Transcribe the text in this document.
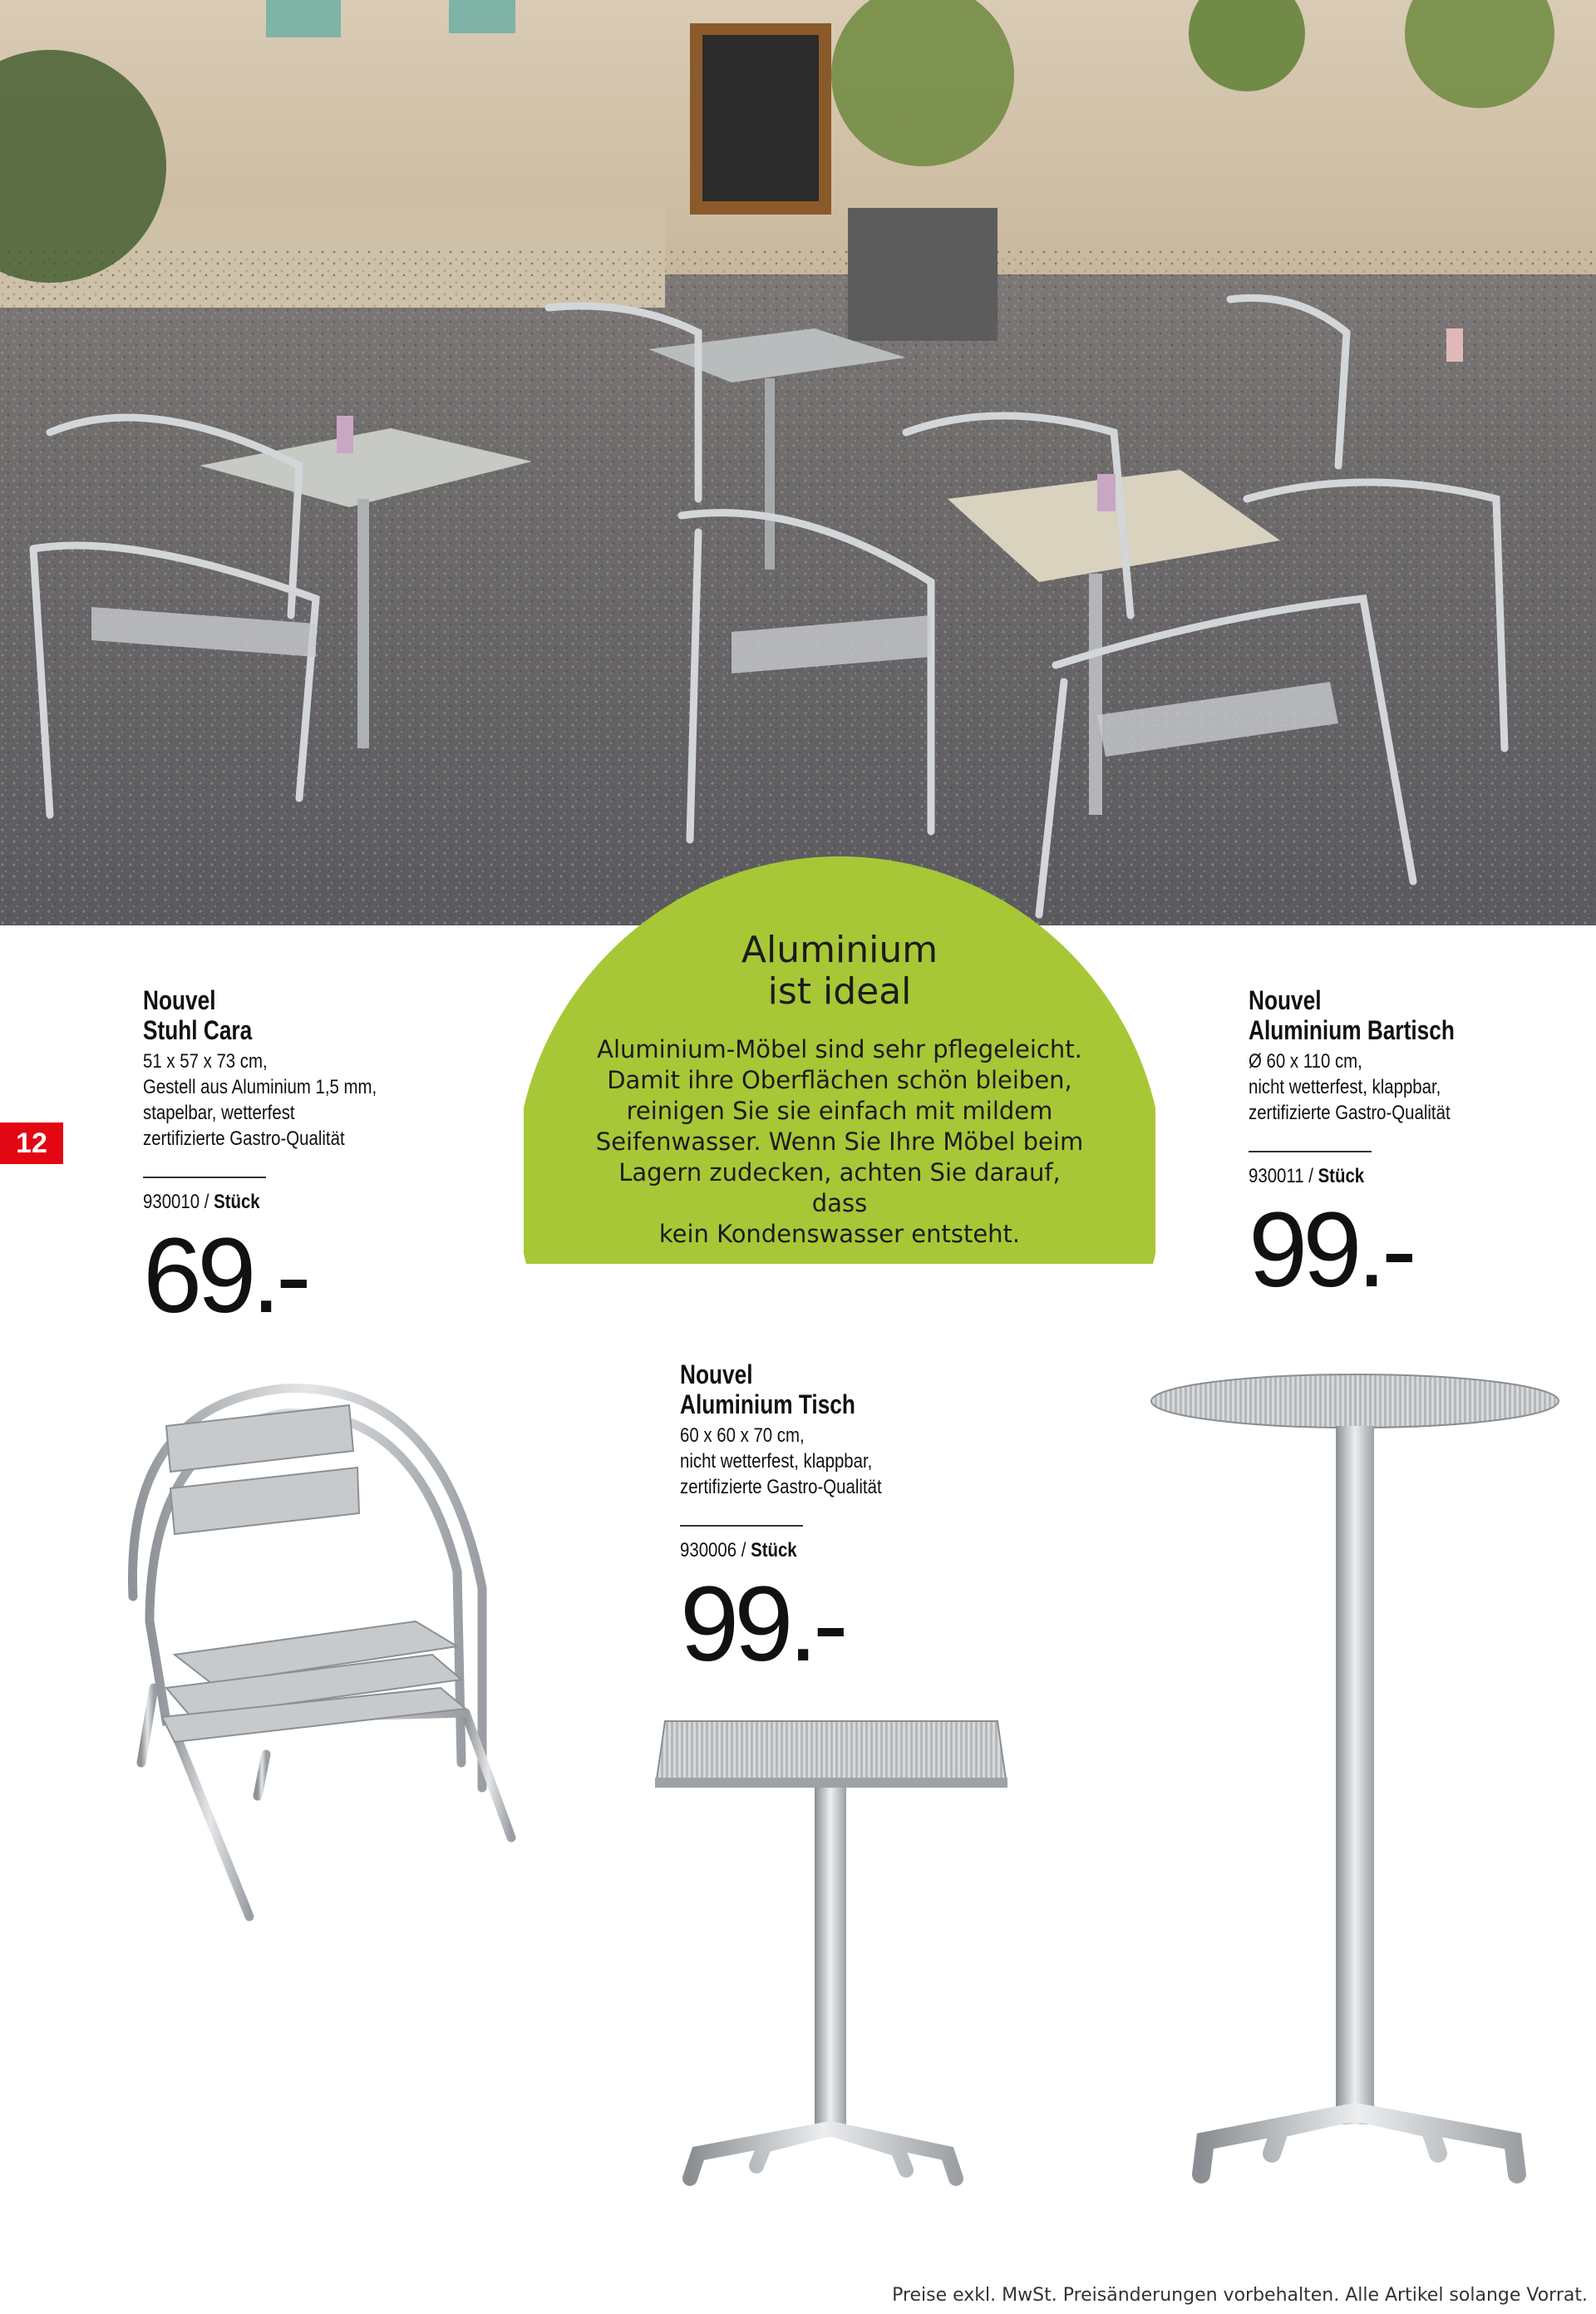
12
Aluminium
ist ideal
Aluminium-Möbel sind sehr pflegeleicht.
Damit ihre Oberflächen schön bleiben,
reinigen Sie sie einfach mit mildem
Seifenwasser. Wenn Sie Ihre Möbel beim
Lagern zudecken, achten Sie darauf, dass
kein Kondenswasser entsteht.
Nouvel
Stuhl Cara
51 x 57 x 73 cm,
Gestell aus Aluminium 1,5 mm,
stapelbar, wetterfest
zertifizierte Gastro-Qualität
930010 / Stück
69.-
Nouvel
Aluminium Bartisch
Ø 60 x 110 cm,
nicht wetterfest, klappbar,
zertifizierte Gastro-Qualität
930011 / Stück
99.-
Nouvel
Aluminium Tisch
60 x 60 x 70 cm,
nicht wetterfest, klappbar,
zertifizierte Gastro-Qualität
930006 / Stück
99.-
Preise exkl. MwSt. Preisänderungen vorbehalten. Alle Artikel solange Vorrat.
